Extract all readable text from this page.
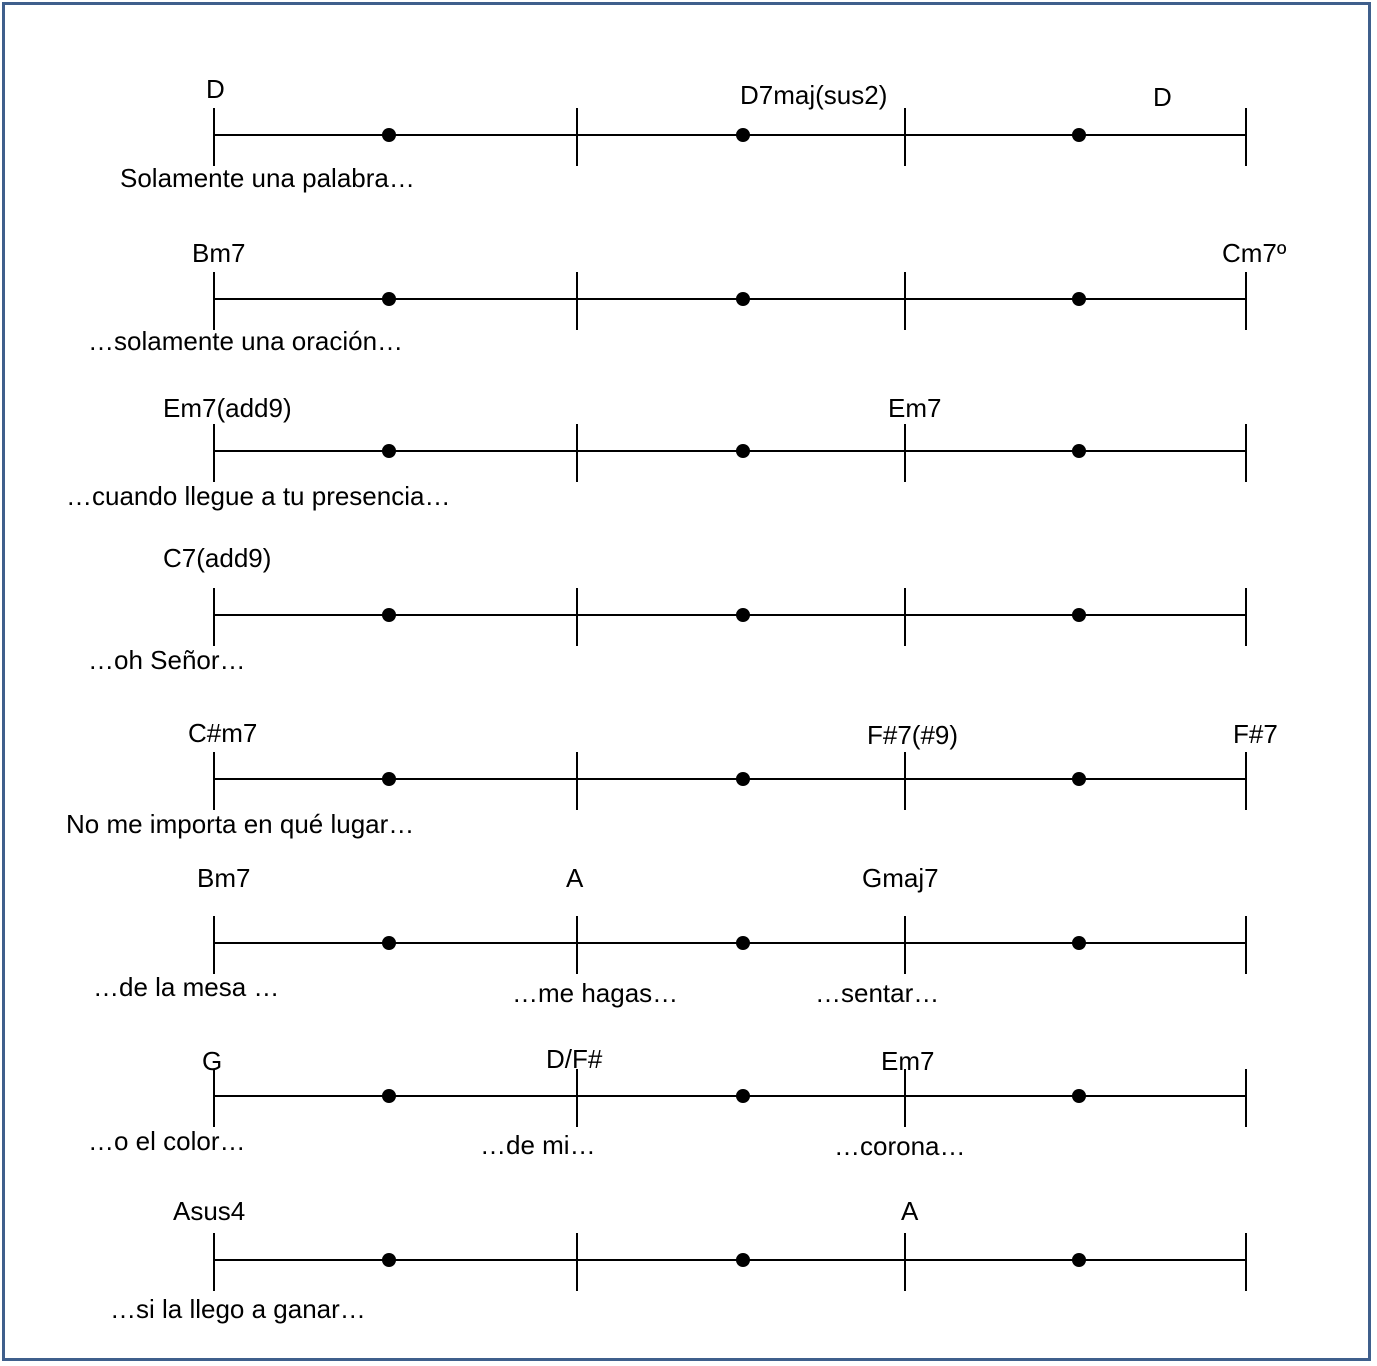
D	D7maj(sus2)	D
Solamente una palabra…
Bm7	Cm7º
…solamente una oración…
Em7(add9)	Em7
…cuando llegue a tu presencia…
C7(add9)
…oh Señor…
C#m7	F#7(#9)	F#7
No me importa en qué lugar…
Bm7	A	Gmaj7
…de la mesa …	…me hagas…	…sentar…
G	D/F#	Em7
…o el color…	…de mi…	…corona…
Asus4	A
…si la llego a ganar…
